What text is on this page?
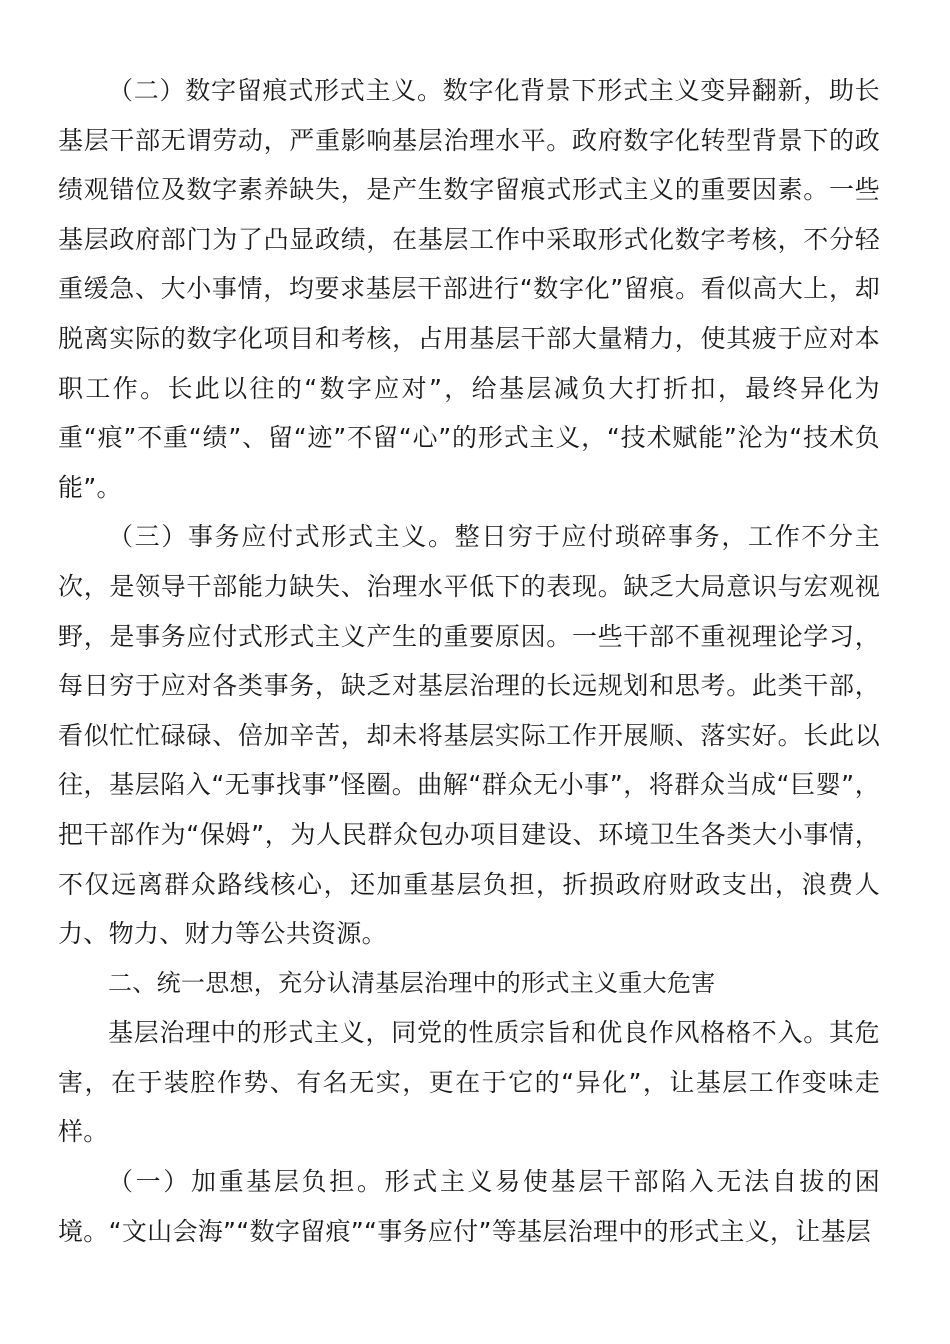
（二）数字留痕式形式主义。数字化背景下形式主义变异翻新，助长基层干部无谓劳动，严重影响基层治理水平。政府数字化转型背景下的政绩观错位及数字素养缺失，是产生数字留痕式形式主义的重要因素。一些基层政府部门为了凸显政绩，在基层工作中采取形式化数字考核，不分轻重缓急、大小事情，均要求基层干部进行“数字化”留痕。看似高大上，却脱离实际的数字化项目和考核，占用基层干部大量精力，使其疲于应对本职工作。长此以往的“数字应对”，给基层减负大打折扣，最终异化为重“痕”不重“绩”、留“迹”不留“心”的形式主义，“技术赋能”沦为“技术负能”。

（三）事务应付式形式主义。整日穷于应付琐碎事务，工作不分主次，是领导干部能力缺失、治理水平低下的表现。缺乏大局意识与宏观视野，是事务应付式形式主义产生的重要原因。一些干部不重视理论学习，每日穷于应对各类事务，缺乏对基层治理的长远规划和思考。此类干部，看似忙忙碌碌、倍加辛苦，却未将基层实际工作开展顺、落实好。长此以往，基层陷入“无事找事”怪圈。曲解“群众无小事”，将群众当成“巨婴”，把干部作为“保姆”，为人民群众包办项目建设、环境卫生各类大小事情，不仅远离群众路线核心，还加重基层负担，折损政府财政支出，浪费人力、物力、财力等公共资源。

二、统一思想，充分认清基层治理中的形式主义重大危害

基层治理中的形式主义，同党的性质宗旨和优良作风格格不入。其危害，在于装腔作势、有名无实，更在于它的“异化”，让基层工作变味走样。

（一）加重基层负担。形式主义易使基层干部陷入无法自拔的困境。“文山会海”“数字留痕”“事务应付”等基层治理中的形式主义，让基层
